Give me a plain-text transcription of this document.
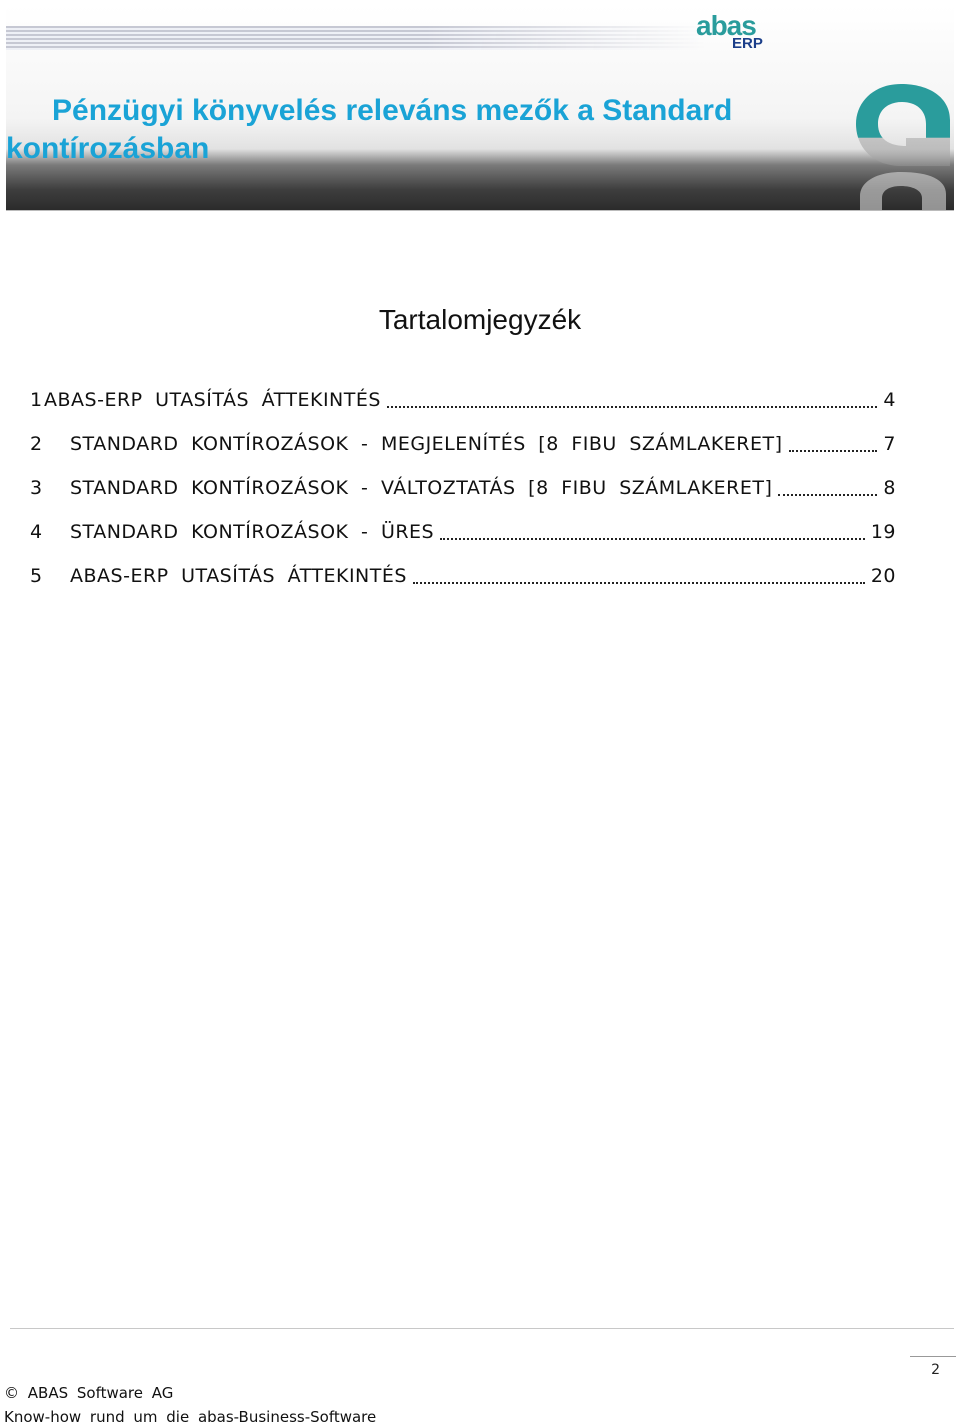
Pénzügyi könyvelés releváns mezők a Standard kontírozásban
abas
ERP
Tartalomjegyzék
1 ABAS-ERP UTASÍTÁS ÁTTEKINTÉS	4
2	STANDARD KONTÍROZÁSOK - MEGJELENÍTÉS [8 FIBU SZÁMLAKERET]	7
3	STANDARD KONTÍROZÁSOK - VÁLTOZTATÁS [8 FIBU SZÁMLAKERET]	8
4	STANDARD KONTÍROZÁSOK - ÜRES	19
5	ABAS-ERP UTASÍTÁS ÁTTEKINTÉS	20
2
© ABAS Software AG
Know-how rund um die abas-Business-Software
